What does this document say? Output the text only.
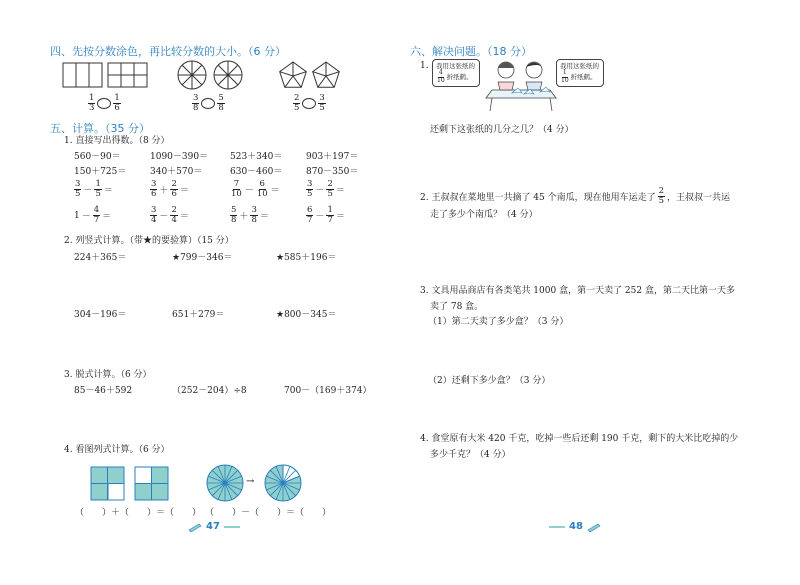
四、先按分数涂色，再比较分数的大小。（6 分）
$\frac{1}{3} \frac{1}{6}$	$\frac{3}{8} \frac{5}{8}$	$\frac{2}{5} \frac{3}{5}$
五、计算。（35 分）
1. 直接写出得数。（8 分）
560－90＝	1090－390＝ 523＋340＝	903＋197＝
150＋725＝	340＋570＝	630－460＝	870－350＝
$\frac{3}{5} - \frac{1}{5}$ ＝	$\frac{3}{6} + \frac{2}{6}$ ＝	$\frac{7}{10} - \frac{6}{10}$ ＝	$\frac{3}{5} - \frac{2}{5}$ ＝
$1 - \frac{4}{7}$ ＝	$\frac{3}{4} - \frac{2}{4}$ ＝	$\frac{5}{8} + \frac{3}{8}$ ＝	$\frac{6}{7} - \frac{1}{7}$ ＝
2. 列竖式计算。（带★的要验算）（15 分）
224＋365＝	★799－346＝	★585＋196＝
304－196＝	651＋279＝	★800－345＝
3. 脱式计算。（6 分）
85－46＋592	（252－204）÷8	700－（169＋374）
4. 看图列式计算。（6 分）
→
（　　）＋（　　）＝（　　） （　　）－（　　）＝（　　）
47
六、解决问题。（18 分）
1. 我用这张纸的
$\frac{4}{10}$ 折纸鹤。
我用这张纸的
$\frac{1}{10}$ 折纸鹤。
还剩下这张纸的几分之几？（4 分）
2. 王叔叔在菜地里一共摘了 45 个南瓜，现在他用车运走了 $\frac{2}{5}$ ，王叔叔一共运
走了多少个南瓜？（4 分）
3. 文具用品商店有各类笔共 1000 盒，第一天卖了 252 盒，第二天比第一天多
卖了 78 盒。
（1）第二天卖了多少盒？（3 分）
（2）还剩下多少盒？（3 分）
4. 食堂原有大米 420 千克，吃掉一些后还剩 190 千克，剩下的大米比吃掉的少
多少千克？（4 分）
48
